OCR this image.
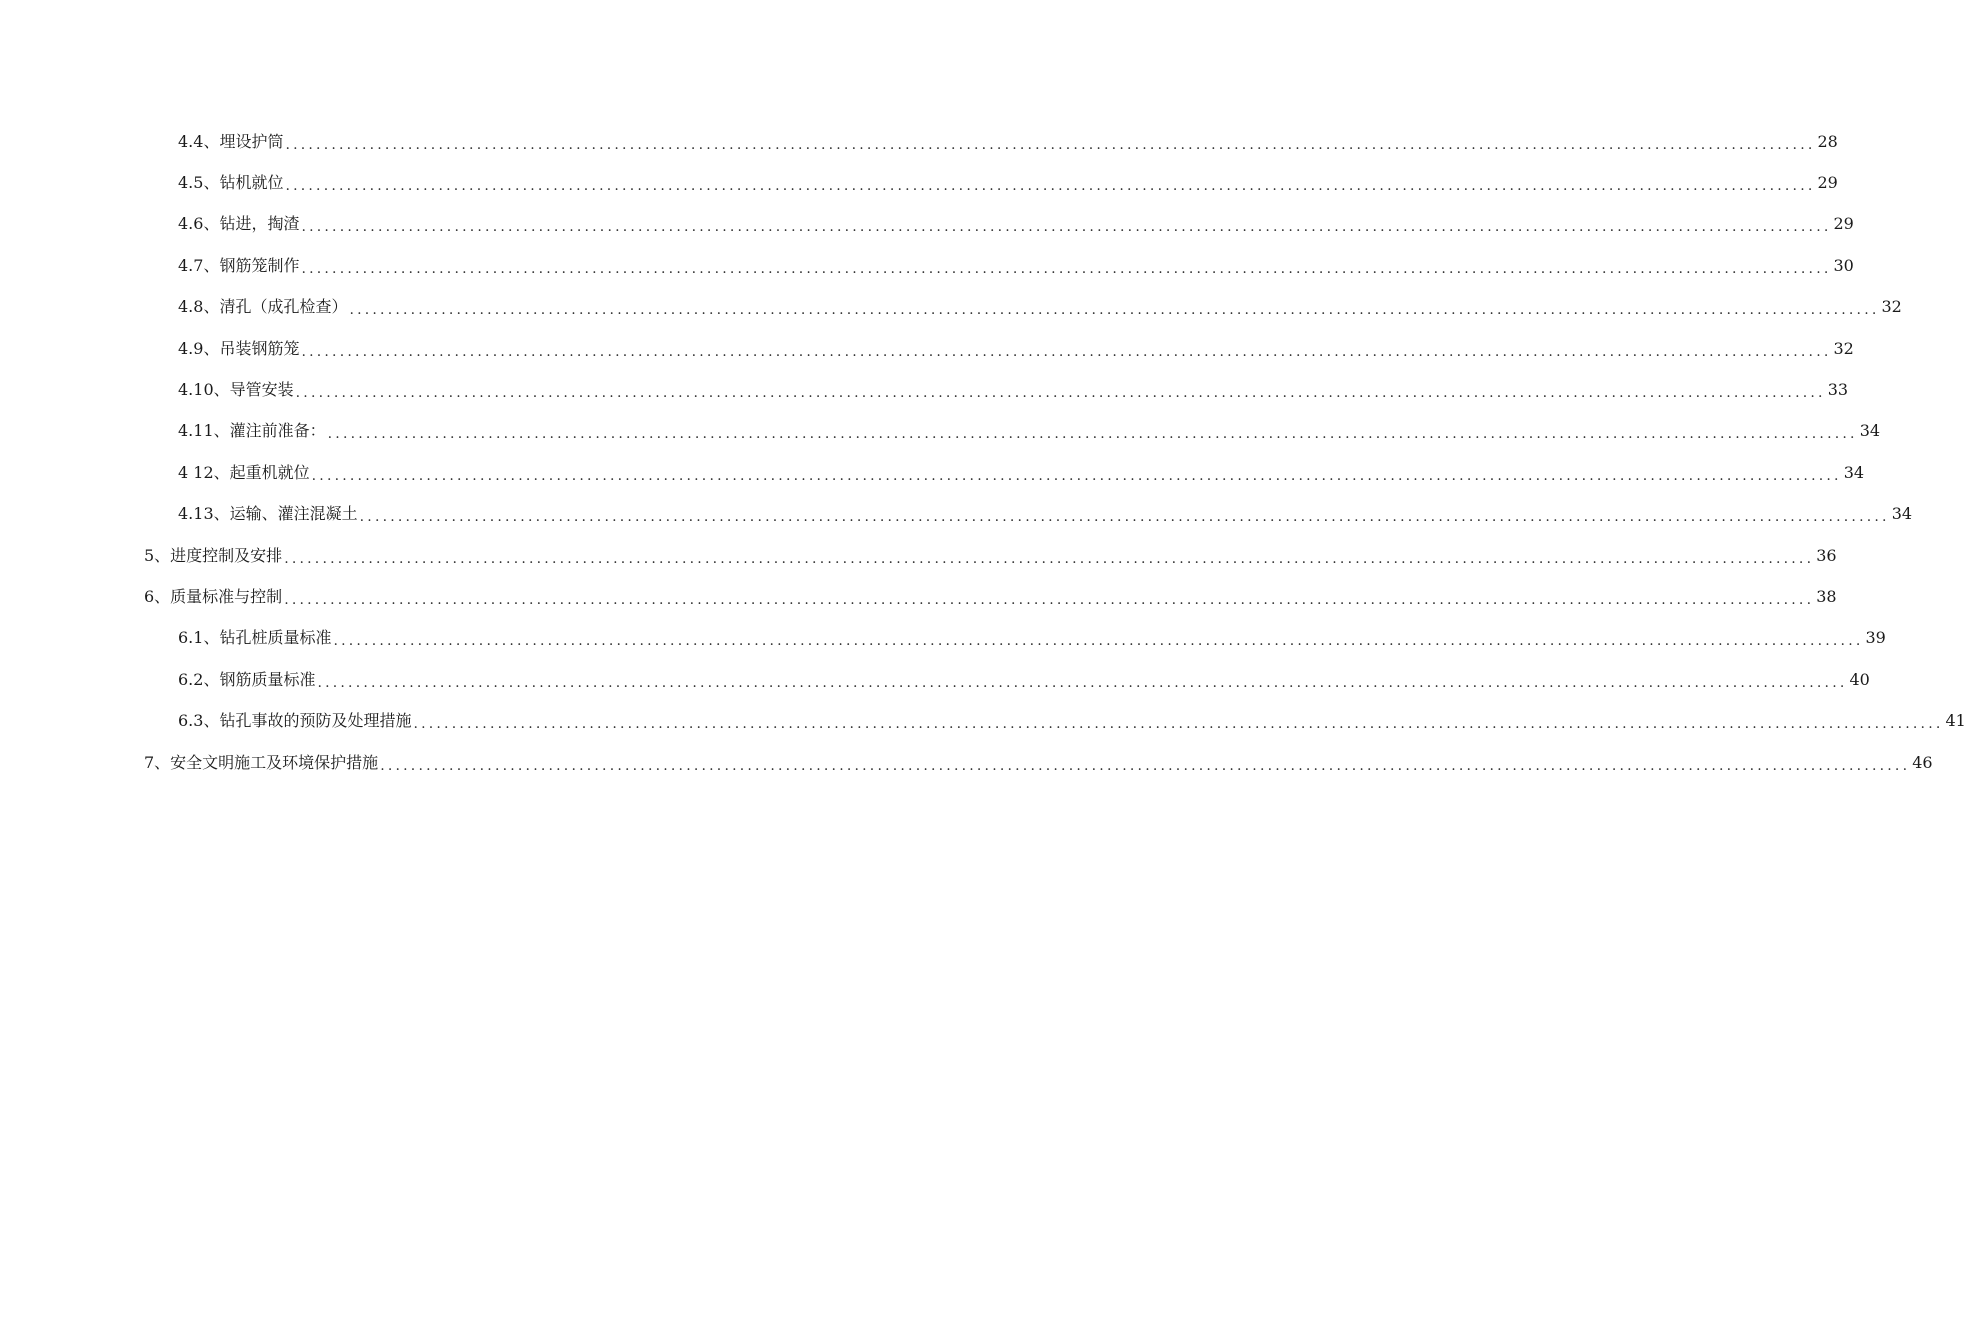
4.4、埋设护筒 ........................................................................................................................................................................................................ 28
4.5、钻机就位 ........................................................................................................................................................................................................ 29
4.6、钻进，掏渣 ........................................................................................................................................................................................................ 29
4.7、钢筋笼制作 ........................................................................................................................................................................................................ 30
4.8、清孔（成孔检查） ........................................................................................................................................................................................................ 32
4.9、吊装钢筋笼 ........................................................................................................................................................................................................ 32
4.10、导管安装 ........................................................................................................................................................................................................ 33
4.11、灌注前准备： ........................................................................................................................................................................................................ 34
4 12、起重机就位 ........................................................................................................................................................................................................ 34
4.13、运输、灌注混凝土 ........................................................................................................................................................................................................ 34
5、进度控制及安排 ........................................................................................................................................................................................................ 36
6、质量标准与控制 ........................................................................................................................................................................................................ 38
6.1、钻孔桩质量标准 ........................................................................................................................................................................................................ 39
6.2、钢筋质量标准 ........................................................................................................................................................................................................ 40
6.3、钻孔事故的预防及处理措施 ........................................................................................................................................................................................................ 41
7、安全文明施工及环境保护措施 ........................................................................................................................................................................................................ 46
